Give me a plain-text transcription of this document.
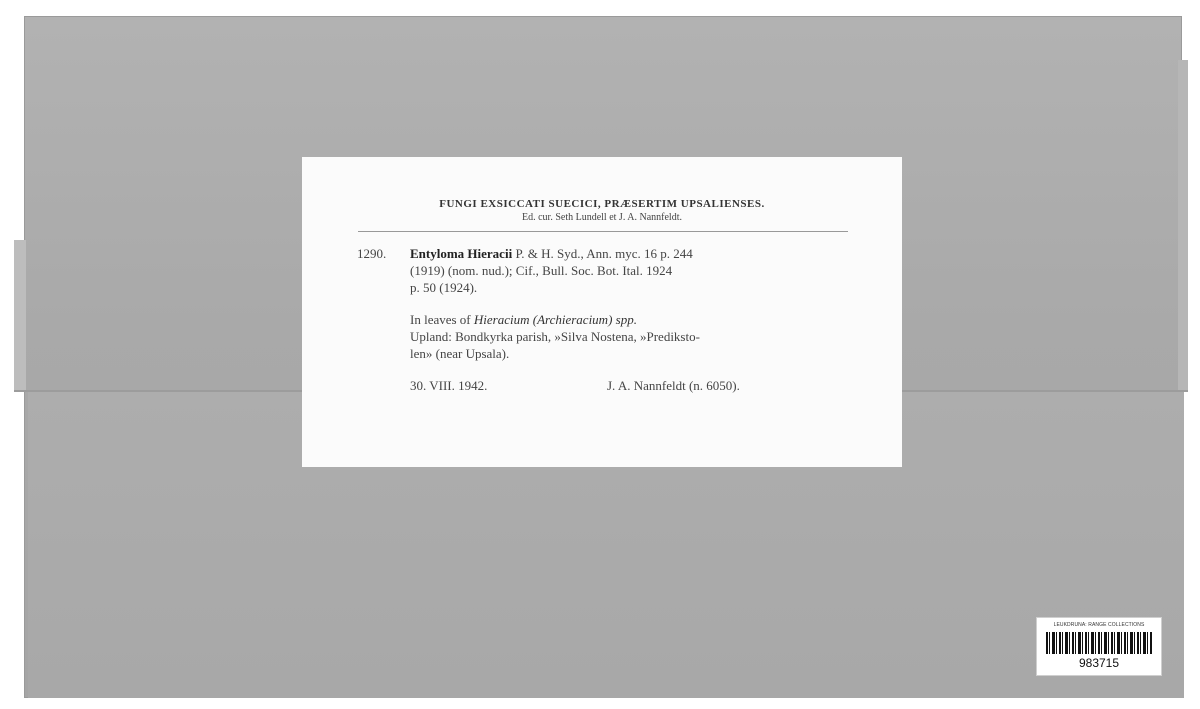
FUNGI EXSICCATI SUECICI, PRÆSERTIM UPSALIENSES.
Ed. cur. Seth Lundell et J. A. Nannfeldt.
1290. Entyloma Hieracii P. & H. Syd., Ann. myc. 16 p. 244
(1919) (nom. nud.); Cif., Bull. Soc. Bot. Ital. 1924
p. 50 (1924).
In leaves of Hieracium (Archieracium) spp.
Upland: Bondkyrka parish, »Silva Nostena, »Prediksto-
len» (near Upsala).
30. VIII. 1942.	J. A. Nannfeldt (n. 6050).
LEUKDRUNA: RANGE COLLECTIONS
983715
